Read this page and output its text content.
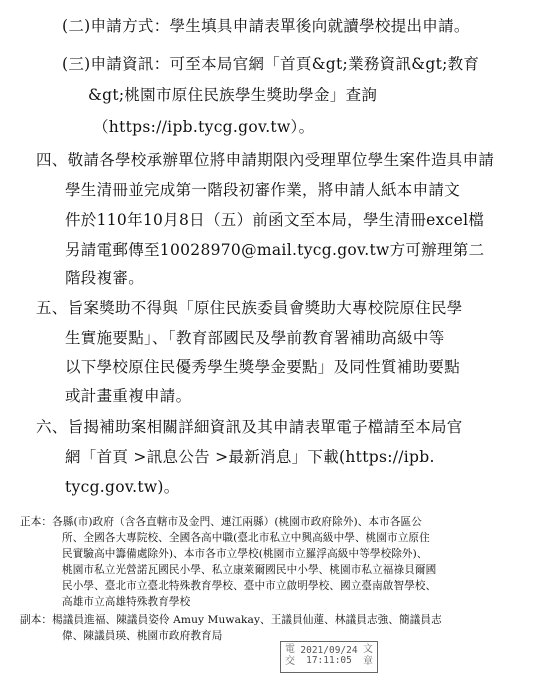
(二)申請方式：學生填具申請表單後向就讀學校提出申請。
(三)申請資訊：可至本局官網「首頁&gt;業務資訊&gt;教育
&gt;桃園市原住民族學生獎助學金」查詢
（https://ipb.tycg.gov.tw）。
四、敬請各學校承辦單位將申請期限內受理單位學生案件造具申請
學生清冊並完成第一階段初審作業，將申請人紙本申請文
件於110年10月8日（五）前函文至本局，學生清冊excel檔
另請電郵傳至10028970@mail.tycg.gov.tw方可辦理第二
階段複審。
五、旨案獎助不得與「原住民族委員會獎助大專校院原住民學
生實施要點」、「教育部國民及學前教育署補助高級中等
以下學校原住民優秀學生獎學金要點」及同性質補助要點
或計畫重複申請。
六、旨揭補助案相關詳細資訊及其申請表單電子檔請至本局官
網「首頁 >訊息公告 >最新消息」下載(https://ipb.
tycg.gov.tw)。
正本：各縣(市)政府（含各直轄市及金門、連江兩縣）(桃園市政府除外)、本市各區公
所、全國各大專院校、全國各高中職(臺北市私立中興高級中學、桃園市立原住
民實驗高中籌備處除外)、本市各市立學校(桃園市立羅浮高級中等學校除外)、
桃園市私立光營諾瓦國民小學、私立康萊爾國民中小學、桃園市私立福祿貝爾國
民小學、臺北市立臺北特殊教育學校、臺中市立啟明學校、國立臺南啟智學校、
高雄市立高雄特殊教育學校
副本：楊議員進福、陳議員姿伶 Amuy Muwakay、王議員仙蓮、林議員志強、簡議員志
偉、陳議員瑛、桃園市政府教育局
電
交
2021/09/24
17:11:05
文
章
